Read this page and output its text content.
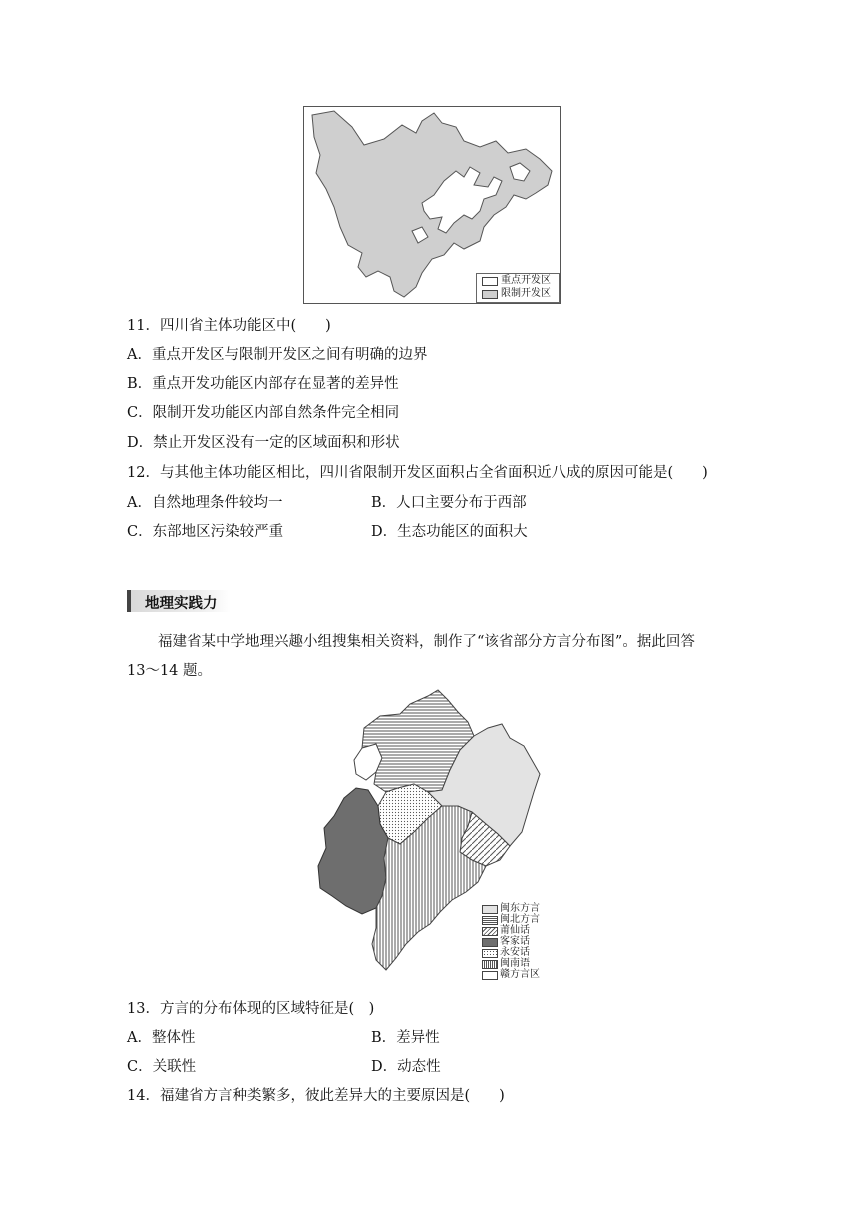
重点开发区
限制开发区
11．四川省主体功能区中(　　)
A．重点开发区与限制开发区之间有明确的边界
B．重点开发功能区内部存在显著的差异性
C．限制开发功能区内部自然条件完全相同
D．禁止开发区没有一定的区域面积和形状
12．与其他主体功能区相比，四川省限制开发区面积占全省面积近八成的原因可能是(　　)
A．自然地理条件较均一	B．人口主要分布于西部
C．东部地区污染较严重	D．生态功能区的面积大
地理实践力
福建省某中学地理兴趣小组搜集相关资料，制作了“该省部分方言分布图”。据此回答
13～14 题。
闽东方言
闽北方言
莆仙话
客家话
永安话
闽南语
赣方言区
13．方言的分布体现的区域特征是(　)
A．整体性	B．差异性
C．关联性	D．动态性
14．福建省方言种类繁多，彼此差异大的主要原因是(　　)
